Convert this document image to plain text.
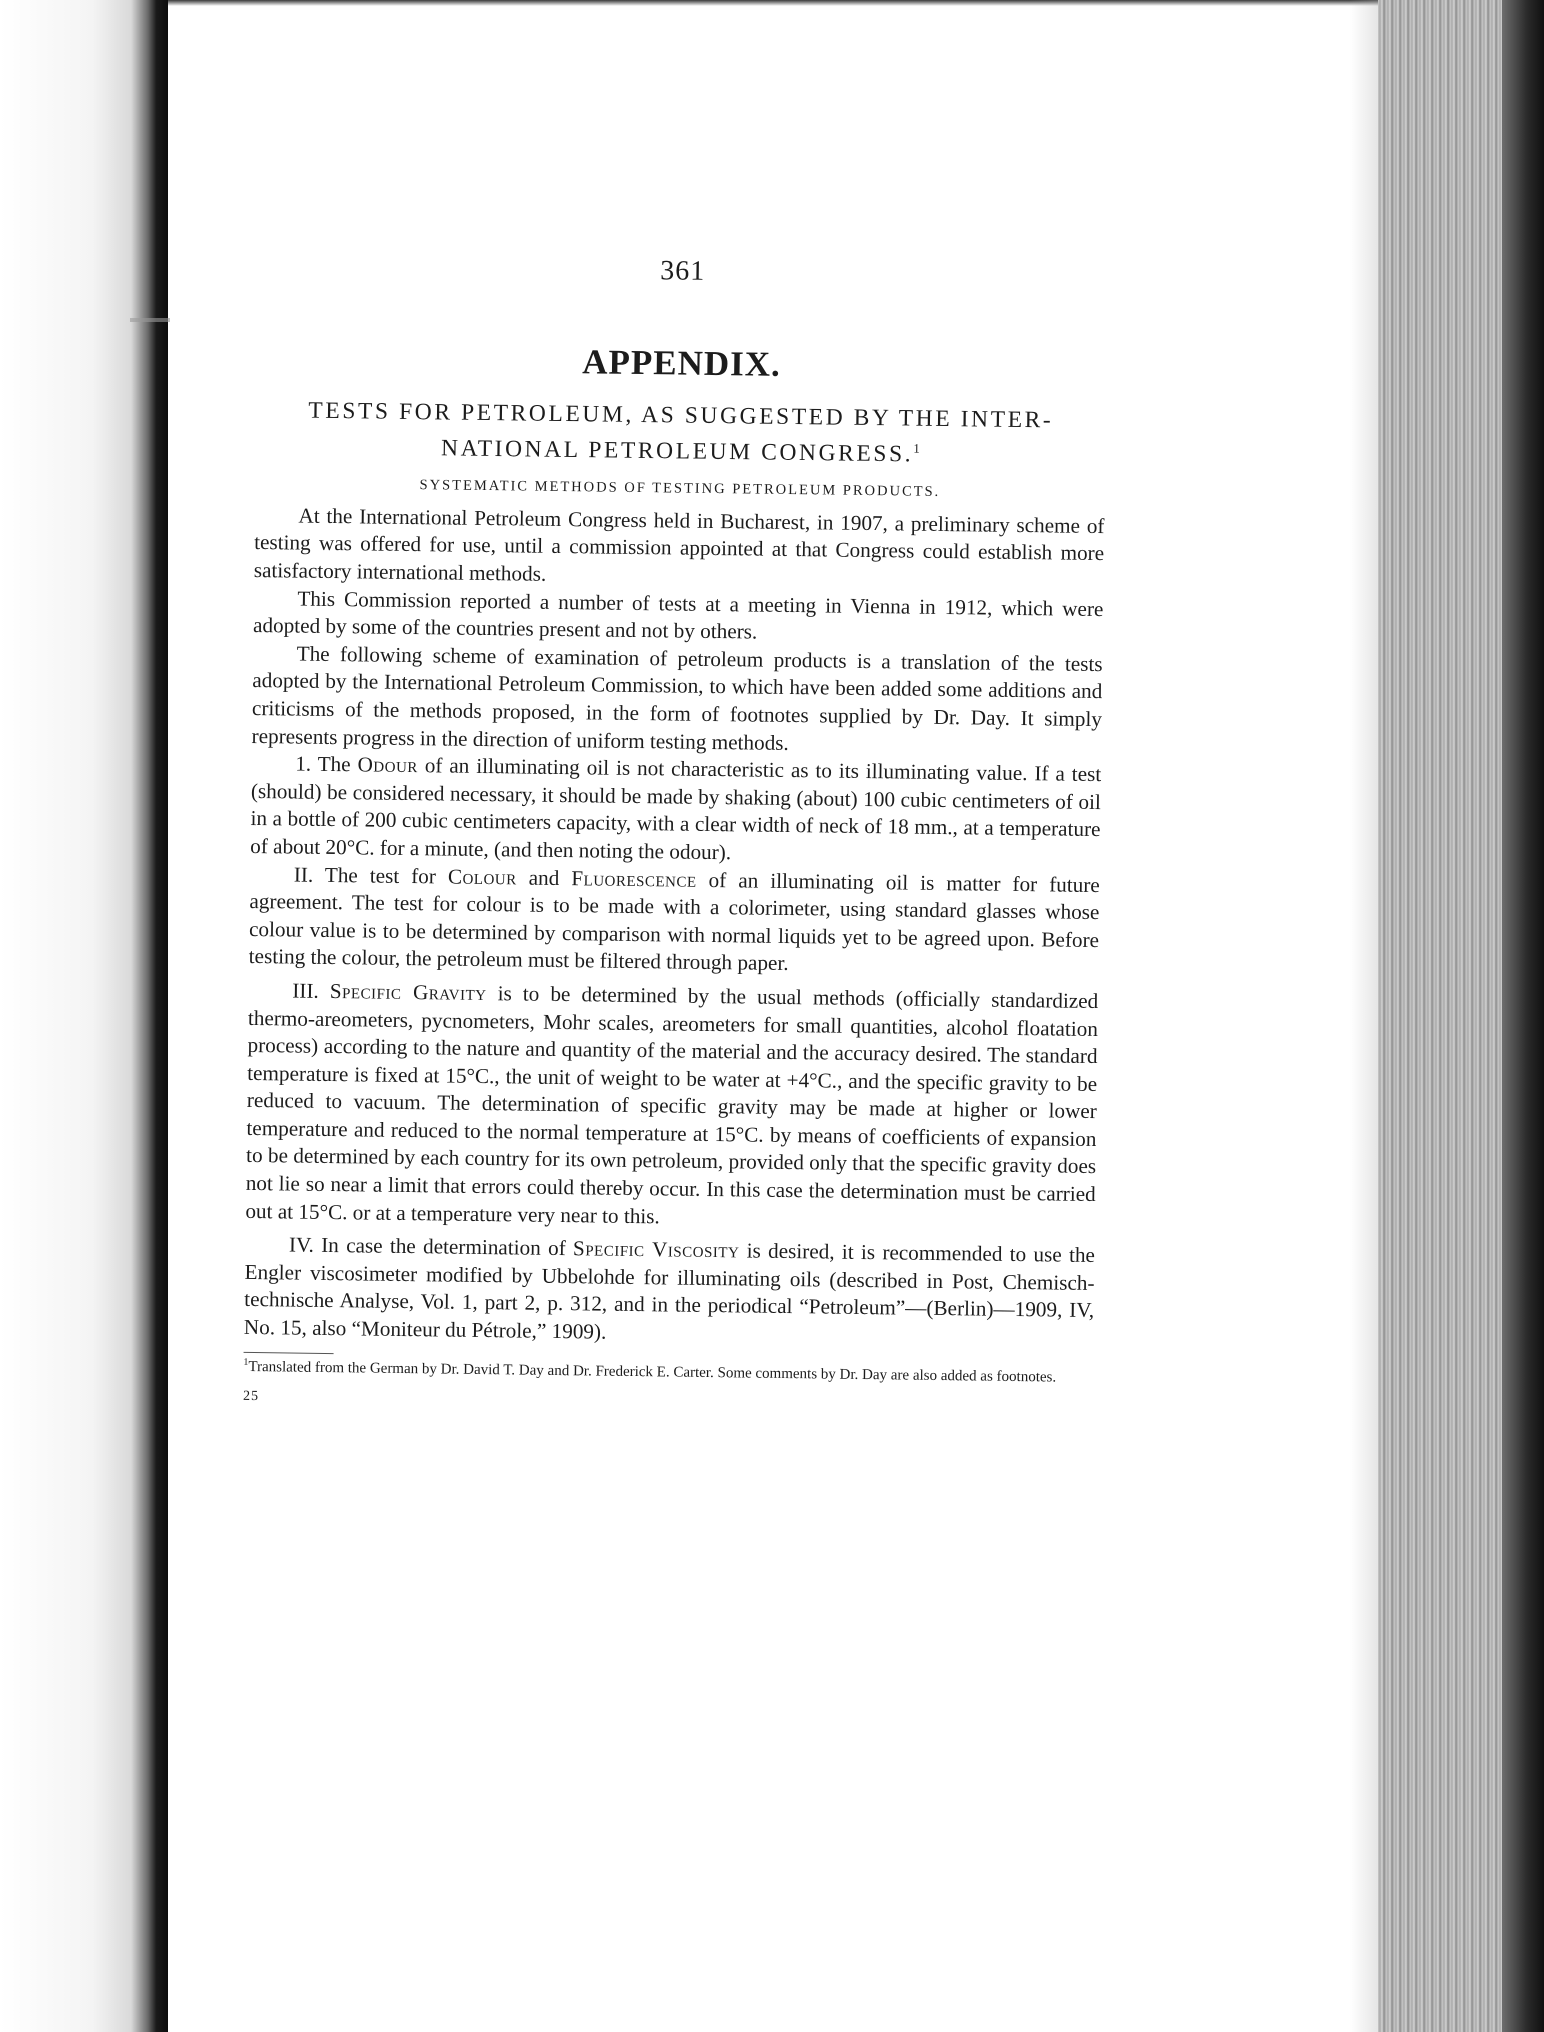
361
APPENDIX.
TESTS FOR PETROLEUM, AS SUGGESTED BY THE INTER-
NATIONAL PETROLEUM CONGRESS.$^1$
SYSTEMATIC METHODS OF TESTING PETROLEUM PRODUCTS.

At the International Petroleum Congress held in Bucharest, in 1907, a preliminary scheme of testing was offered for use, until a commission appointed at that Congress could establish more satisfactory international methods.

This Commission reported a number of tests at a meeting in Vienna in 1912, which were adopted by some of the countries present and not by others.

The following scheme of examination of petroleum products is a translation of the tests adopted by the International Petroleum Commission, to which have been added some additions and criticisms of the methods proposed, in the form of footnotes supplied by Dr. Day. It simply represents progress in the direction of uniform testing methods.

1. The Odour of an illuminating oil is not characteristic as to its illuminating value. If a test (should) be considered necessary, it should be made by shaking (about) 100 cubic centimeters of oil in a bottle of 200 cubic centimeters capacity, with a clear width of neck of 18 mm., at a temperature of about 20°C. for a minute, (and then noting the odour).

II. The test for Colour and Fluorescence of an illuminating oil is matter for future agreement. The test for colour is to be made with a colorimeter, using standard glasses whose colour value is to be determined by comparison with normal liquids yet to be agreed upon. Before testing the colour, the petroleum must be filtered through paper.

III. Specific Gravity is to be determined by the usual methods (officially standardized thermo-areometers, pycnometers, Mohr scales, areometers for small quantities, alcohol floatation process) according to the nature and quantity of the material and the accuracy desired. The standard temperature is fixed at 15°C., the unit of weight to be water at +4°C., and the specific gravity to be reduced to vacuum. The determination of specific gravity may be made at higher or lower temperature and reduced to the normal temperature at 15°C. by means of coefficients of expansion to be determined by each country for its own petroleum, provided only that the specific gravity does not lie so near a limit that errors could thereby occur. In this case the determination must be carried out at 15°C. or at a temperature very near to this.

IV. In case the determination of Specific Viscosity is desired, it is recommended to use the Engler viscosimeter modified by Ubbelohde for illuminating oils (described in Post, Chemisch-technische Analyse, Vol. 1, part 2, p. 312, and in the periodical “Petroleum”—(Berlin)—1909, IV, No. 15, also “Moniteur du Pétrole,” 1909).

$^1$Translated from the German by Dr. David T. Day and Dr. Frederick E. Carter. Some comments by Dr. Day are also added as footnotes.

25
